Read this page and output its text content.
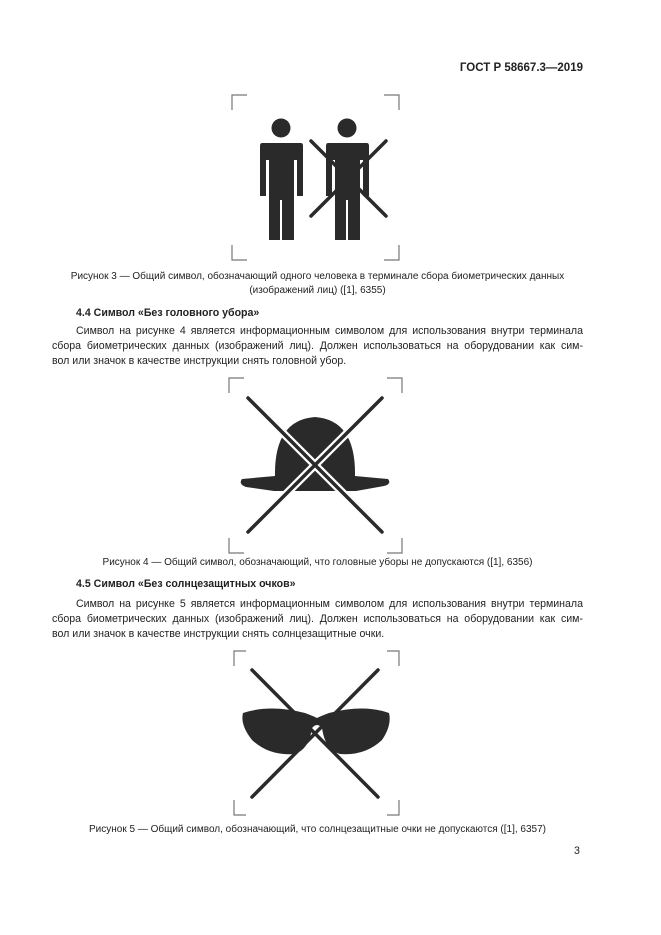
ГОСТ Р 58667.3—2019
Рисунок 3 — Общий символ, обозначающий одного человека в терминале сбора биометрических данных
(изображений лиц) ([1], 6355)
4.4 Символ «Без головного убора»
Символ на рисунке 4 является информационным символом для использования внутри терминала
сбора биометрических данных (изображений лиц). Должен использоваться на оборудовании как сим-
вол или значок в качестве инструкции снять головной убор.
Рисунок 4 — Общий символ, обозначающий, что головные уборы не допускаются ([1], 6356)
4.5 Символ «Без солнцезащитных очков»
Символ на рисунке 5 является информационным символом для использования внутри терминала
сбора биометрических данных (изображений лиц). Должен использоваться на оборудовании как сим-
вол или значок в качестве инструкции снять солнцезащитные очки.
Рисунок 5 — Общий символ, обозначающий, что солнцезащитные очки не допускаются ([1], 6357)
3
